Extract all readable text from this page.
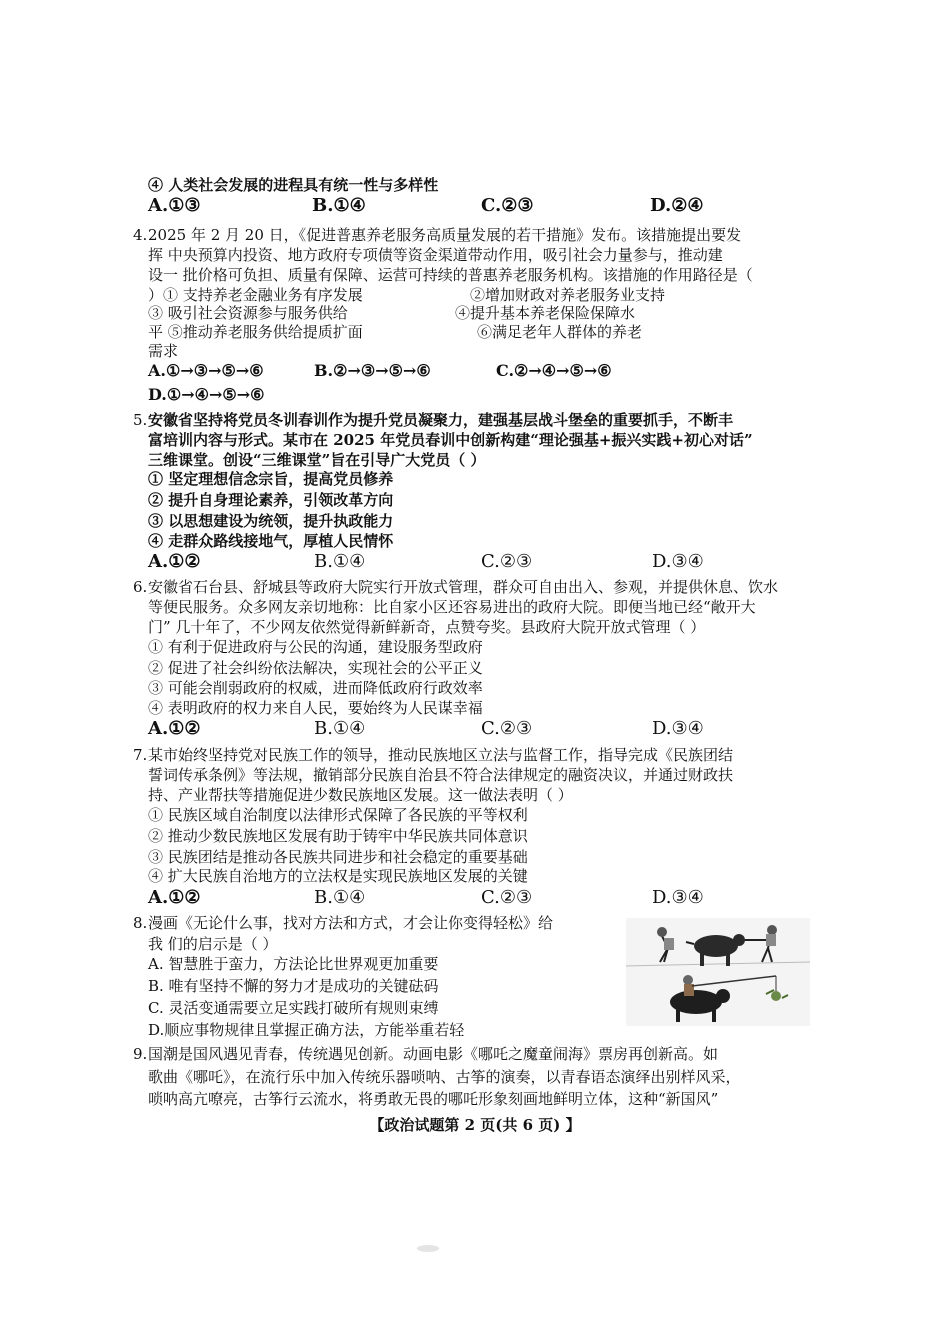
④ 人类社会发展的进程具有统一性与多样性
A.①③	B.①④	C.②③	D.②④
4. 2025 年 2 月 20 日，《促进普惠养老服务高质量发展的若干措施》发布。该措施提出要发
挥 中央预算内投资、地方政府专项债等资金渠道带动作用，吸引社会力量参与，推动建
设一 批价格可负担、质量有保障、运营可持续的普惠养老服务机构。该措施的作用路径是（
）① 支持养老金融业务有序发展	②增加财政对养老服务业支持
③ 吸引社会资源参与服务供给	④提升基本养老保险保障水
平 ⑤推动养老服务供给提质扩面	⑥满足老年人群体的养老
需求
A.①→③→⑤→⑥	B.②→③→⑤→⑥	C.②→④→⑤→⑥
D.①→④→⑤→⑥
5. 安徽省坚持将党员冬训春训作为提升党员凝聚力，建强基层战斗堡垒的重要抓手，不断丰
富培训内容与形式。某市在 2025 年党员春训中创新构建“理论强基+振兴实践+初心对话”
三维课堂。创设“三维课堂”旨在引导广大党员（ ）
① 坚定理想信念宗旨，提高党员修养
② 提升自身理论素养，引领改革方向
③ 以思想建设为统领，提升执政能力
④ 走群众路线接地气，厚植人民情怀
A.①②	B.①④	C.②③	D.③④
6. 安徽省石台县、舒城县等政府大院实行开放式管理，群众可自由出入、参观，并提供休息、饮水
等便民服务。众多网友亲切地称：比自家小区还容易进出的政府大院。即便当地已经“敞开大
门” 几十年了，不少网友依然觉得新鲜新奇，点赞夸奖。县政府大院开放式管理（ ）
① 有利于促进政府与公民的沟通，建设服务型政府
② 促进了社会纠纷依法解决，实现社会的公平正义
③ 可能会削弱政府的权威，进而降低政府行政效率
④ 表明政府的权力来自人民，要始终为人民谋幸福
A.①②	B.①④	C.②③	D.③④
7. 某市始终坚持党对民族工作的领导，推动民族地区立法与监督工作，指导完成《民族团结
誓词传承条例》等法规，撤销部分民族自治县不符合法律规定的融资决议，并通过财政扶
持、产业帮扶等措施促进少数民族地区发展。这一做法表明（ ）
① 民族区域自治制度以法律形式保障了各民族的平等权利
② 推动少数民族地区发展有助于铸牢中华民族共同体意识
③ 民族团结是推动各民族共同进步和社会稳定的重要基础
④ 扩大民族自治地方的立法权是实现民族地区发展的关键
A.①②	B.①④	C.②③	D.③④
8. 漫画《无论什么事，找对方法和方式，才会让你变得轻松》给
我 们的启示是（ ）
A. 智慧胜于蛮力，方法论比世界观更加重要
B. 唯有坚持不懈的努力才是成功的关键砝码
C. 灵活变通需要立足实践打破所有规则束缚
D.顺应事物规律且掌握正确方法，方能举重若轻
9. 国潮是国风遇见青春，传统遇见创新。动画电影《哪吒之魔童闹海》票房再创新高。如
歌曲《哪吒》，在流行乐中加入传统乐器唢呐、古筝的演奏，以青春语态演绎出别样风采，
唢呐高亢嘹亮，古筝行云流水，将勇敢无畏的哪吒形象刻画地鲜明立体，这种“新国风”
【政治试题第 2 页(共 6 页) 】
